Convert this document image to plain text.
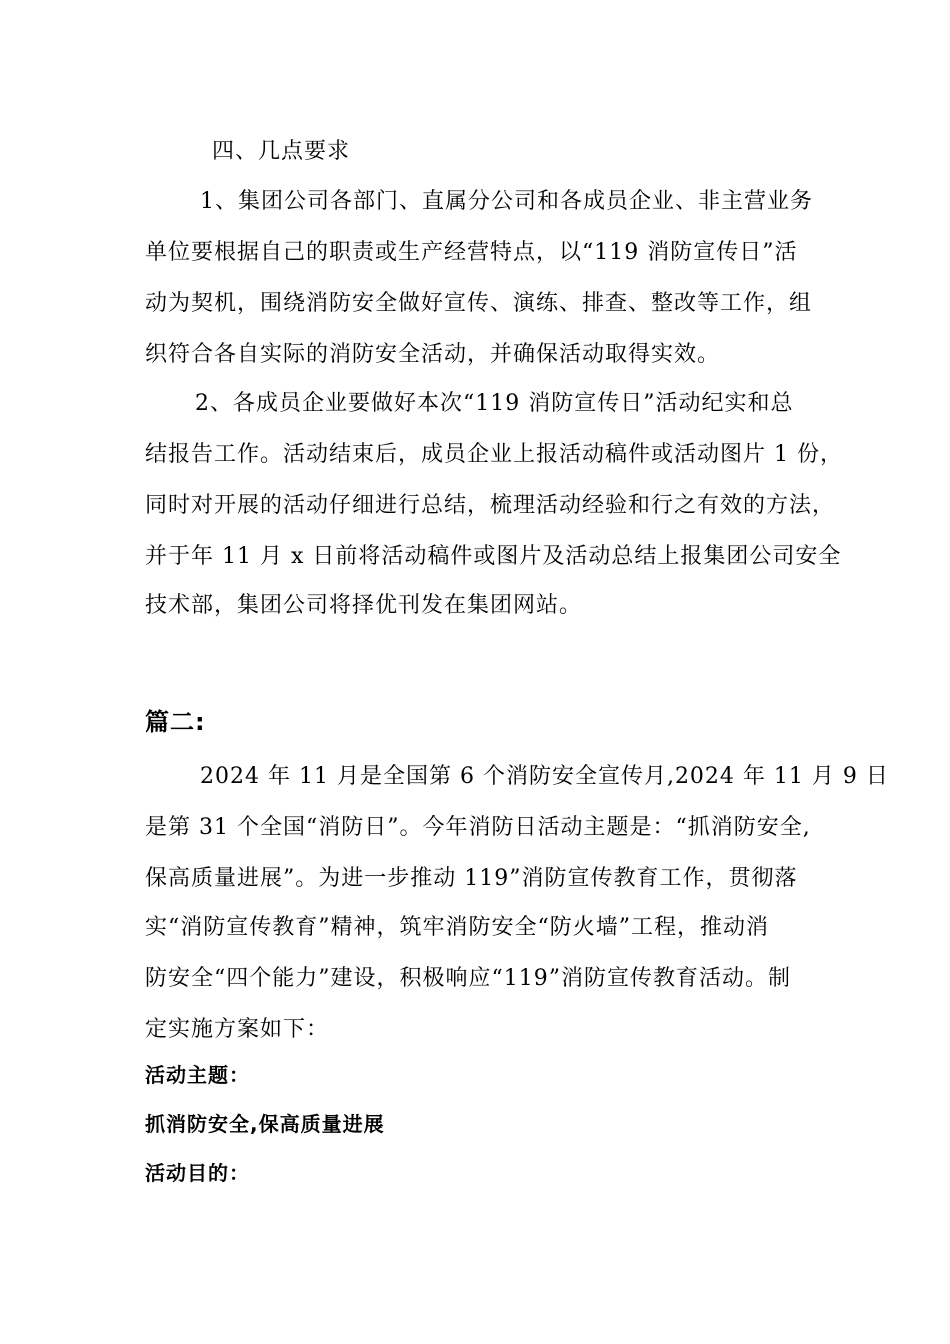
四、几点要求
1、集团公司各部门、直属分公司和各成员企业、非主营业务
单位要根据自己的职责或生产经营特点，以“119 消防宣传日”活
动为契机，围绕消防安全做好宣传、演练、排查、整改等工作，组
织符合各自实际的消防安全活动，并确保活动取得实效。
2、各成员企业要做好本次“119 消防宣传日”活动纪实和总
结报告工作。活动结束后，成员企业上报活动稿件或活动图片 1 份，
同时对开展的活动仔细进行总结，梳理活动经验和行之有效的方法，
并于年 11 月 x 日前将活动稿件或图片及活动总结上报集团公司安全
技术部，集团公司将择优刊发在集团网站。
篇二:
2024 年 11 月是全国第 6 个消防安全宣传月,2024 年 11 月 9 日
是第 31 个全国“消防日”。今年消防日活动主题是：“抓消防安全,
保高质量进展”。为进一步推动 119”消防宣传教育工作，贯彻落
实“消防宣传教育”精神，筑牢消防安全“防火墙”工程，推动消
防安全“四个能力”建设，积极响应“119”消防宣传教育活动。制
定实施方案如下：
活动主题：
抓消防安全,保高质量进展
活动目的：
